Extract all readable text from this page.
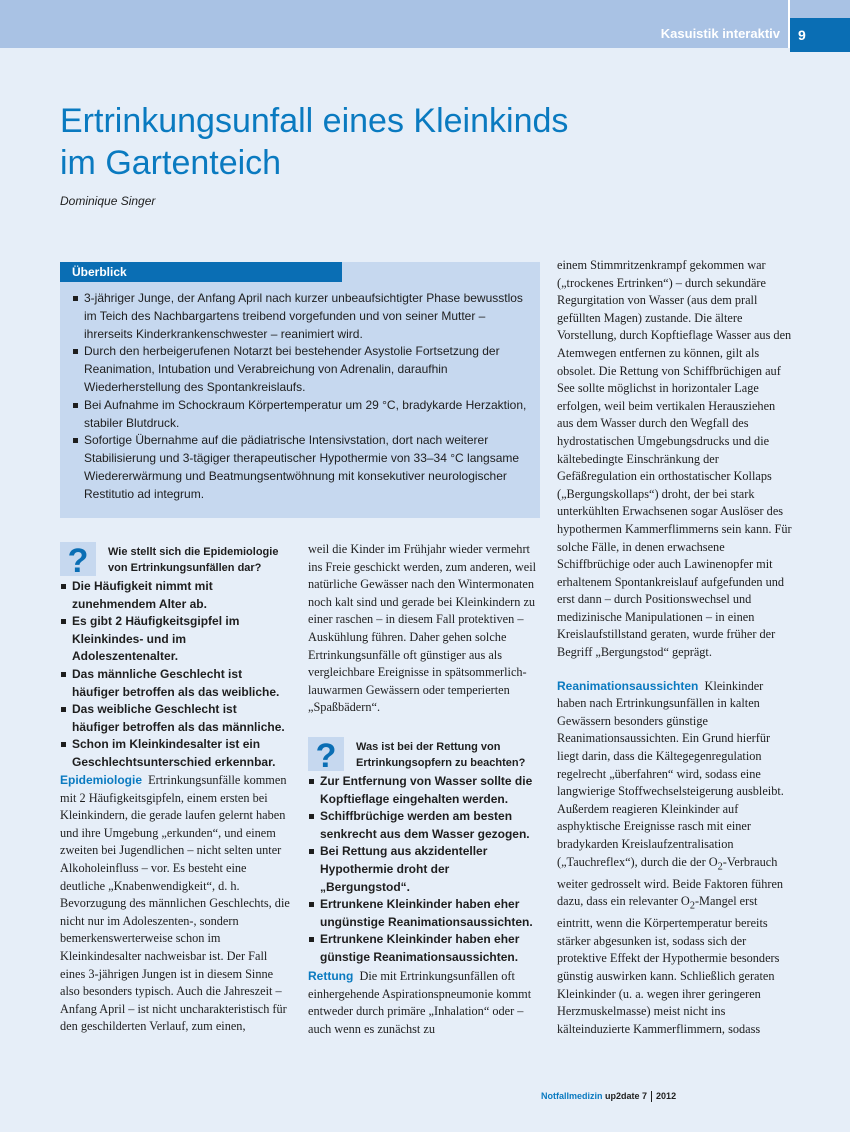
Kasuistik interaktiv	9
Ertrinkungsunfall eines Kleinkinds
im Gartenteich
Dominique Singer
Überblick
3-jähriger Junge, der Anfang April nach kurzer unbeaufsichtigter Phase bewusstlos im Teich des Nachbargartens treibend vorgefunden und von seiner Mutter – ihrerseits Kinderkrankenschwester – reanimiert wird.
Durch den herbeigerufenen Notarzt bei bestehender Asystolie Fortsetzung der Reanimation, Intubation und Verabreichung von Adrenalin, daraufhin Wiederherstellung des Spontankreislaufs.
Bei Aufnahme im Schockraum Körpertemperatur um 29 °C, bradykarde Herzaktion, stabiler Blutdruck.
Sofortige Übernahme auf die pädiatrische Intensivstation, dort nach weiterer Stabilisierung und 3-tägiger therapeutischer Hypothermie von 33–34 °C langsame Wiedererwärmung und Beatmungsentwöhnung mit konsekutiver neurologischer Restitutio ad integrum.
?	Wie stellt sich die Epidemiologie von Ertrinkungsunfällen dar?
Die Häufigkeit nimmt mit zunehmendem Alter ab.
Es gibt 2 Häufigkeitsgipfel im Kleinkindes- und im Adoleszentenalter.
Das männliche Geschlecht ist häufiger betroffen als das weibliche.
Das weibliche Geschlecht ist häufiger betroffen als das männliche.
Schon im Kleinkindesalter ist ein Geschlechtsunterschied erkennbar.

Epidemiologie Ertrinkungsunfälle kommen mit 2 Häufigkeitsgipfeln, einem ersten bei Kleinkindern, die gerade laufen gelernt haben und ihre Umgebung „erkunden“, und einem zweiten bei Jugendlichen – nicht selten unter Alkoholeinfluss – vor. Es besteht eine deutliche „Knabenwendigkeit“, d. h. Bevorzugung des männlichen Geschlechts, die nicht nur im Adoleszenten-, sondern bemerkenswerterweise schon im Kleinkindesalter nachweisbar ist. Der Fall eines 3-jährigen Jungen ist in diesem Sinne also besonders typisch. Auch die Jahreszeit – Anfang April – ist nicht uncharakteristisch für den geschilderten Verlauf, zum einen,

weil die Kinder im Frühjahr wieder vermehrt ins Freie geschickt werden, zum anderen, weil natürliche Gewässer nach den Wintermonaten noch kalt sind und gerade bei Kleinkindern zu einer raschen – in diesem Fall protektiven – Auskühlung führen. Daher gehen solche Ertrinkungsunfälle oft günstiger aus als vergleichbare Ereignisse in spätsommerlich-lauwarmen Gewässern oder temperierten „Spaßbädern“.

?	Was ist bei der Rettung von Ertrinkungsopfern zu beachten?
Zur Entfernung von Wasser sollte die Kopftieflage eingehalten werden.
Schiffbrüchige werden am besten senkrecht aus dem Wasser gezogen.
Bei Rettung aus akzidenteller Hypothermie droht der „Bergungstod“.
Ertrunkene Kleinkinder haben eher ungünstige Reanimationsaussichten.
Ertrunkene Kleinkinder haben eher günstige Reanimationsaussichten.

Rettung Die mit Ertrinkungsunfällen oft einhergehende Aspirationspneumonie kommt entweder durch primäre „Inhalation“ oder – auch wenn es zunächst zu

einem Stimmritzenkrampf gekommen war („trockenes Ertrinken“) – durch sekundäre Regurgitation von Wasser (aus dem prall gefüllten Magen) zustande. Die ältere Vorstellung, durch Kopftieflage Wasser aus den Atemwegen entfernen zu können, gilt als obsolet. Die Rettung von Schiffbrüchigen auf See sollte möglichst in horizontaler Lage erfolgen, weil beim vertikalen Herausziehen aus dem Wasser durch den Wegfall des hydrostatischen Umgebungsdrucks und die kältebedingte Einschränkung der Gefäßregulation ein orthostatischer Kollaps („Bergungskollaps“) droht, der bei stark unterkühlten Erwachsenen sogar Auslöser des hypothermen Kammerflimmerns sein kann. Für solche Fälle, in denen erwachsene Schiffbrüchige oder auch Lawinenopfer mit erhaltenem Spontankreislauf aufgefunden und erst dann – durch Positionswechsel und medizinische Manipulationen – in einen Kreislaufstillstand geraten, wurde früher der Begriff „Bergungstod“ geprägt.

Reanimationsaussichten Kleinkinder haben nach Ertrinkungsunfällen in kalten Gewässern besonders günstige Reanimationsaussichten. Ein Grund hierfür liegt darin, dass die Kältegegenregulation regelrecht „überfahren“ wird, sodass eine langwierige Stoffwechselsteigerung ausbleibt. Außerdem reagieren Kleinkinder auf asphyktische Ereignisse rasch mit einer bradykarden Kreislaufzentralisation („Tauchreflex“), durch die der $O_2$-Verbrauch weiter gedrosselt wird. Beide Faktoren führen dazu, dass ein relevanter $O_2$-Mangel erst eintritt, wenn die Körpertemperatur bereits stärker abgesunken ist, sodass sich der protektive Effekt der Hypothermie besonders günstig auswirken kann. Schließlich geraten Kleinkinder (u. a. wegen ihrer geringeren Herzmuskelmasse) meist nicht ins kälteinduzierte Kammerflimmern, sodass

Notfallmedizin up2date 7 2012
